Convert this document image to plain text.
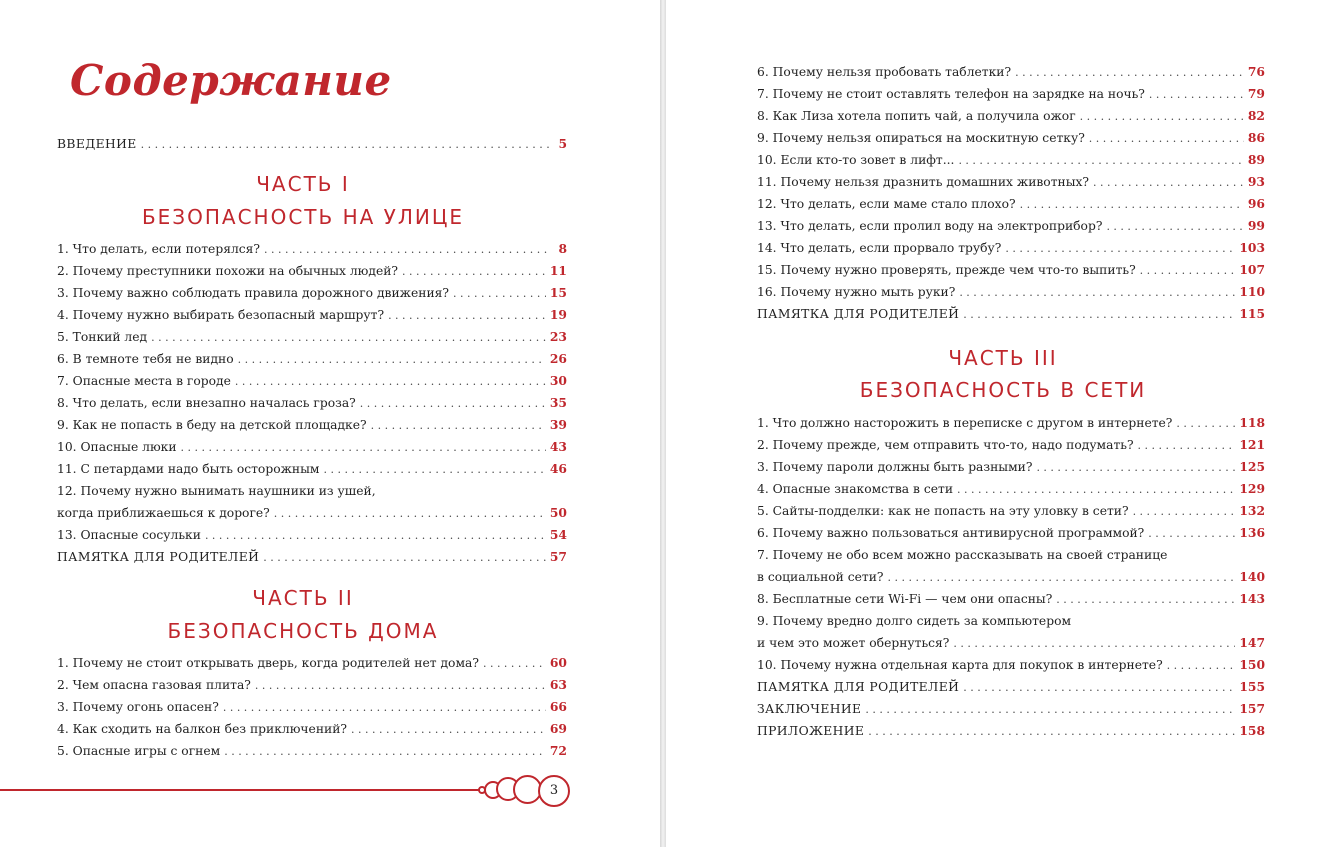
Содержание
ВВЕДЕНИЕ . . .	5
ЧАСТЬ I
БЕЗОПАСНОСТЬ НА УЛИЦЕ
1. Что делать, если потерялся? . . .	8
2. Почему преступники похожи на обычных людей? . . .	11
3. Почему важно соблюдать правила дорожного движения? . . .	15
4. Почему нужно выбирать безопасный маршрут? . . .	19
5. Тонкий лед . . .	23
6. В темноте тебя не видно . . .	26
7. Опасные места в городе . . .	30
8. Что делать, если внезапно началась гроза? . . .	35
9. Как не попасть в беду на детской площадке? . . .	39
10. Опасные люки . . .	43
11. С петардами надо быть осторожным . . .	46
12. Почему нужно вынимать наушники из ушей,
когда приближаешься к дороге? . . .	50
13. Опасные сосульки . . .	54
ПАМЯТКА ДЛЯ РОДИТЕЛЕЙ . . .	57
ЧАСТЬ II
БЕЗОПАСНОСТЬ ДОМА
1. Почему не стоит открывать дверь, когда родителей нет дома? . . .	60
2. Чем опасна газовая плита? . . .	63
3. Почему огонь опасен? . . .	66
4. Как сходить на балкон без приключений? . . .	69
5. Опасные игры с огнем . . .	72
3
6. Почему нельзя пробовать таблетки? . . .	76
7. Почему не стоит оставлять телефон на зарядке на ночь? . . .	79
8. Как Лиза хотела попить чай, а получила ожог . . .	82
9. Почему нельзя опираться на москитную сетку? . . .	86
10. Если кто-то зовет в лифт... . . .	89
11. Почему нельзя дразнить домашних животных? . . .	93
12. Что делать, если маме стало плохо? . . .	96
13. Что делать, если пролил воду на электроприбор? . . .	99
14. Что делать, если прорвало трубу? . . .	103
15. Почему нужно проверять, прежде чем что-то выпить? . . .	107
16. Почему нужно мыть руки? . . .	110
ПАМЯТКА ДЛЯ РОДИТЕЛЕЙ . . .	115
ЧАСТЬ III
БЕЗОПАСНОСТЬ В СЕТИ
1. Что должно насторожить в переписке с другом в интернете? . . .	118
2. Почему прежде, чем отправить что-то, надо подумать? . . .	121
3. Почему пароли должны быть разными? . . .	125
4. Опасные знакомства в сети . . .	129
5. Сайты-подделки: как не попасть на эту уловку в сети? . . .	132
6. Почему важно пользоваться антивирусной программой? . . .	136
7. Почему не обо всем можно рассказывать на своей странице
в социальной сети? . . .	140
8. Бесплатные сети Wi-Fi — чем они опасны? . . .	143
9. Почему вредно долго сидеть за компьютером
и чем это может обернуться? . . .	147
10. Почему нужна отдельная карта для покупок в интернете? . . .	150
ПАМЯТКА ДЛЯ РОДИТЕЛЕЙ . . .	155
ЗАКЛЮЧЕНИЕ . . .	157
ПРИЛОЖЕНИЕ . . .	158
